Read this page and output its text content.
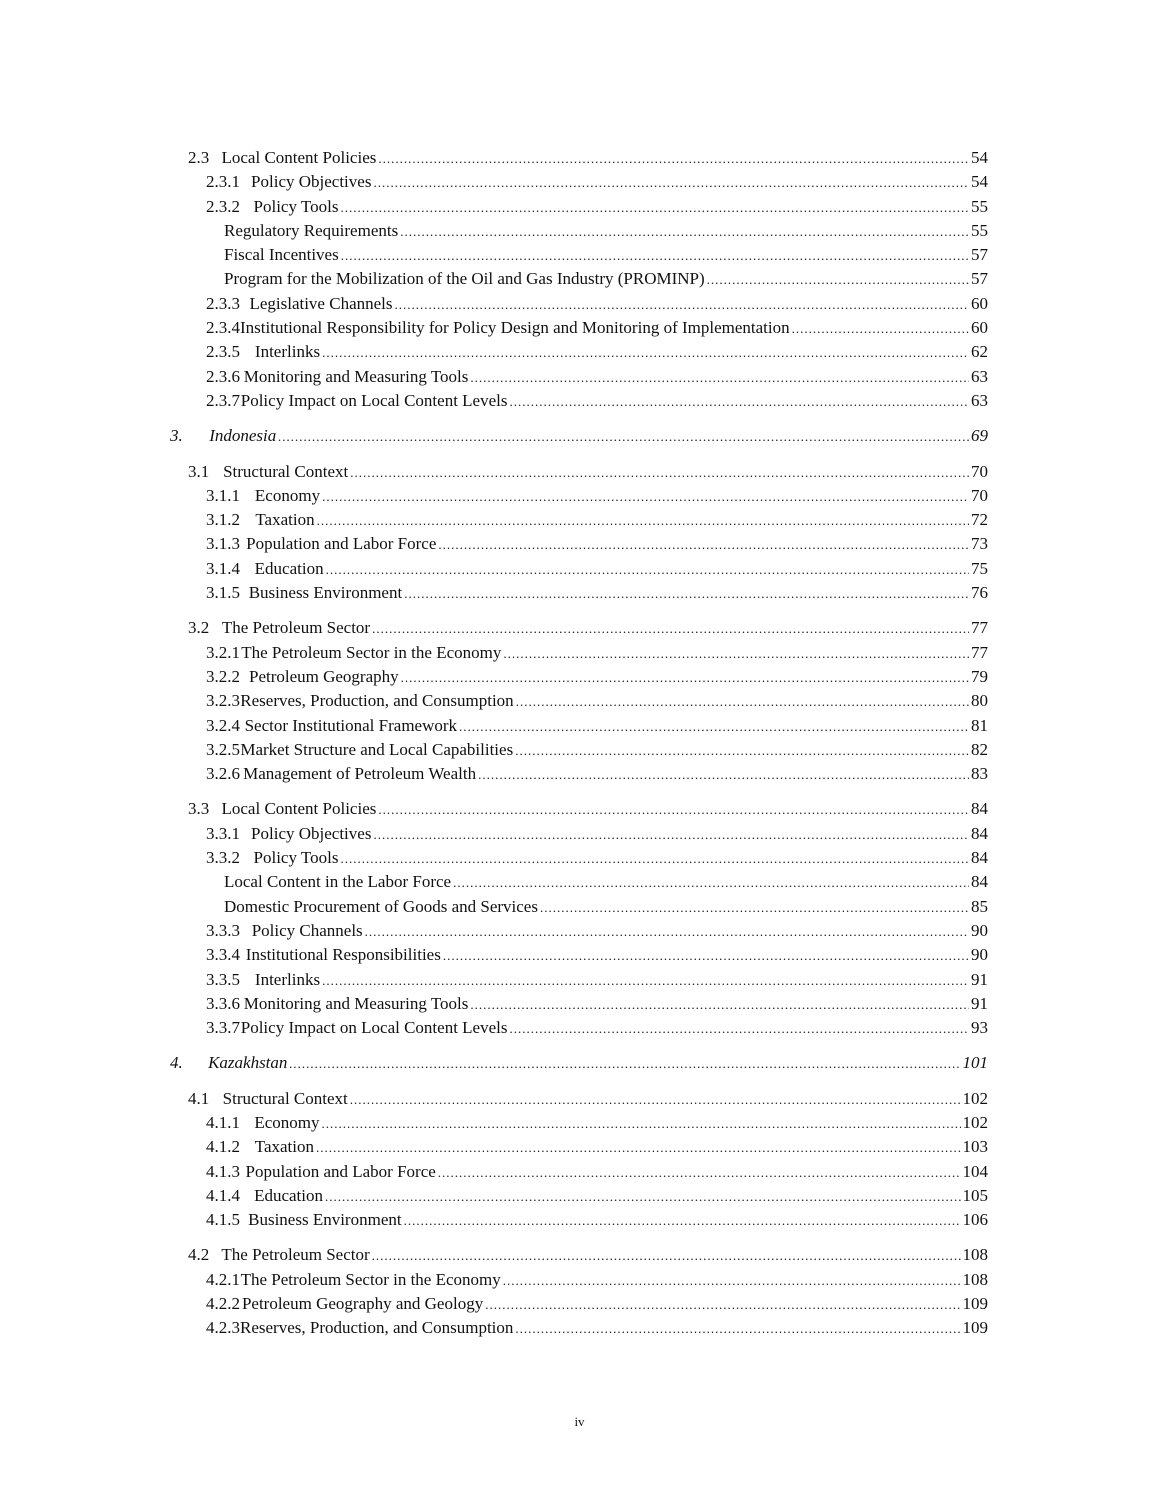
2.3 Local Content Policies .....	54
2.3.1 Policy Objectives .....	54
2.3.2 Policy Tools .....	55
Regulatory Requirements .....	55
Fiscal Incentives .....	57
Program for the Mobilization of the Oil and Gas Industry (PROMINP) .....	57
2.3.3 Legislative Channels .....	60
2.3.4 Institutional Responsibility for Policy Design and Monitoring of Implementation .....	60
2.3.5 Interlinks .....	62
2.3.6 Monitoring and Measuring Tools .....	63
2.3.7 Policy Impact on Local Content Levels .....	63
3.	Indonesia .....	69
3.1 Structural Context .....	70
3.1.1 Economy .....	70
3.1.2 Taxation .....	72
3.1.3 Population and Labor Force .....	73
3.1.4 Education .....	75
3.1.5 Business Environment .....	76
3.2 The Petroleum Sector .....	77
3.2.1 The Petroleum Sector in the Economy .....	77
3.2.2 Petroleum Geography .....	79
3.2.3 Reserves, Production, and Consumption .....	80
3.2.4 Sector Institutional Framework .....	81
3.2.5 Market Structure and Local Capabilities .....	82
3.2.6 Management of Petroleum Wealth .....	83
3.3 Local Content Policies .....	84
3.3.1 Policy Objectives .....	84
3.3.2 Policy Tools .....	84
Local Content in the Labor Force .....	84
Domestic Procurement of Goods and Services .....	85
3.3.3 Policy Channels .....	90
3.3.4 Institutional Responsibilities .....	90
3.3.5 Interlinks .....	91
3.3.6 Monitoring and Measuring Tools .....	91
3.3.7 Policy Impact on Local Content Levels .....	93
4.	Kazakhstan .....	101
4.1 Structural Context .....	102
4.1.1 Economy .....	102
4.1.2 Taxation .....	103
4.1.3 Population and Labor Force .....	104
4.1.4 Education .....	105
4.1.5 Business Environment .....	106
4.2 The Petroleum Sector .....	108
4.2.1 The Petroleum Sector in the Economy .....	108
4.2.2 Petroleum Geography and Geology .....	109
4.2.3 Reserves, Production, and Consumption .....	109
iv
